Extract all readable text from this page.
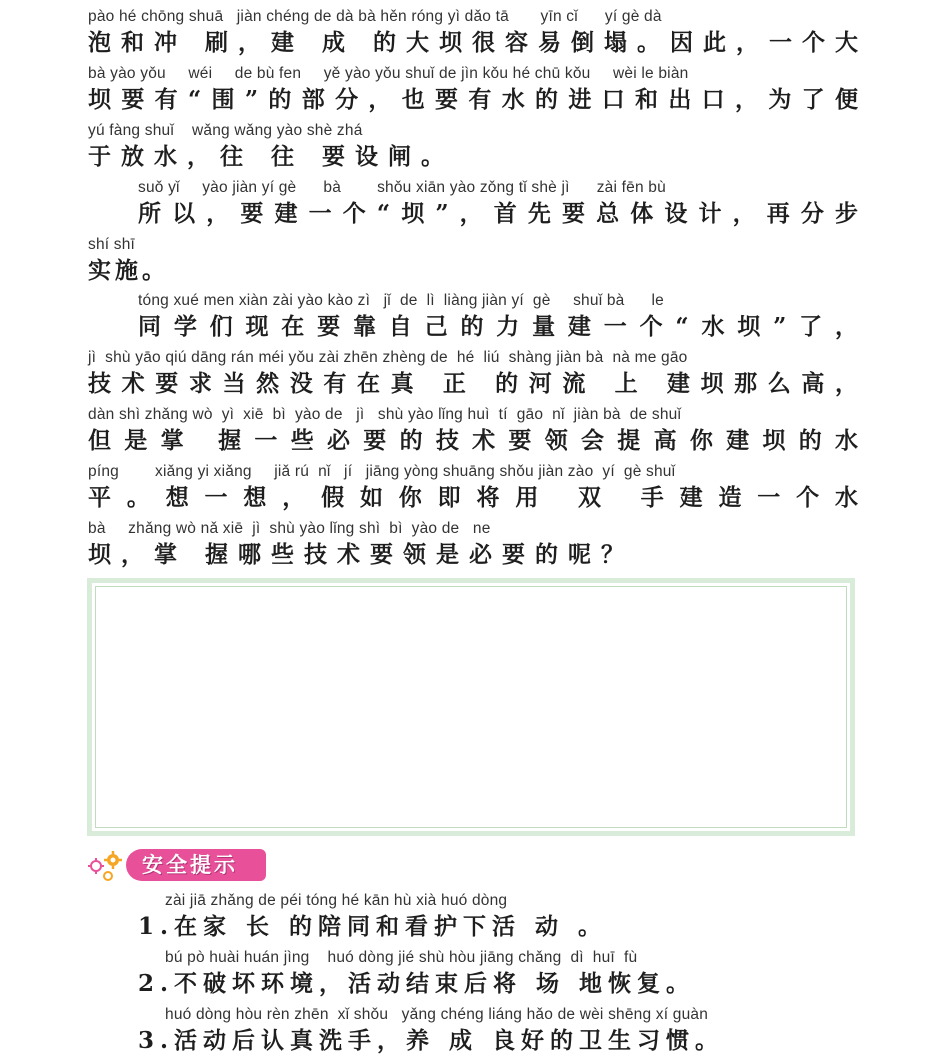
pào hé chōng shuā   jiàn chéng de dà bà hěn róng yì dǎo tā       yīn cǐ      yí gè dà
泡和冲 刷，建 成 的大坝很容易倒塌。因此，一个大
bà yào yǒu     wéi     de bù fen     yě yào yǒu shuǐ de jìn kǒu hé chū kǒu     wèi le biàn
坝要有“围”的部分，也要有水的进口和出口，为了便
yú fàng shuǐ    wǎng wǎng yào shè zhá
于放水，往 往 要设闸。
suǒ yǐ     yào jiàn yí gè      bà        shǒu xiān yào zǒng tǐ shè jì      zài fēn bù
所以，要建一个“坝”，首先要总体设计，再分步
shí shī
实施。
tóng xué men xiàn zài yào kào zì   jǐ  de  lì  liàng jiàn yí  gè     shuǐ bà      le
同学们现在要靠自己的力量建一个“水坝”了，
jì  shù yāo qiú dāng rán méi yǒu zài zhēn zhèng de  hé  liú  shàng jiàn bà  nà me gāo
技术要求当然没有在真 正 的河流 上 建坝那么高，
dàn shì zhǎng wò  yì  xiē  bì  yào de   jì   shù yào lǐng huì  tí  gāo  nǐ  jiàn bà  de shuǐ
但是掌 握一些必要的技术要领会提高你建坝的水
píng        xiǎng yi xiǎng     jiǎ rú  nǐ   jí   jiāng yòng shuāng shǒu jiàn zào  yí  gè shuǐ
平。想一想，假如你即将用 双 手建造一个水
bà     zhǎng wò nǎ xiē  jì  shù yào lǐng shì  bì  yào de   ne
坝，掌 握哪些技术要领是必要的呢？
安全提示
zài jiā zhǎng de péi tóng hé kān hù xià huó dòng
1.在家 长 的陪同和看护下活 动 。
bú pò huài huán jìng    huó dòng jié shù hòu jiāng chǎng  dì  huī  fù
2.不破坏环境，活动结束后将 场 地恢复。
huó dòng hòu rèn zhēn  xǐ shǒu   yǎng chéng liáng hǎo de wèi shēng xí guàn
3.活动后认真洗手，养 成 良好的卫生习惯。
